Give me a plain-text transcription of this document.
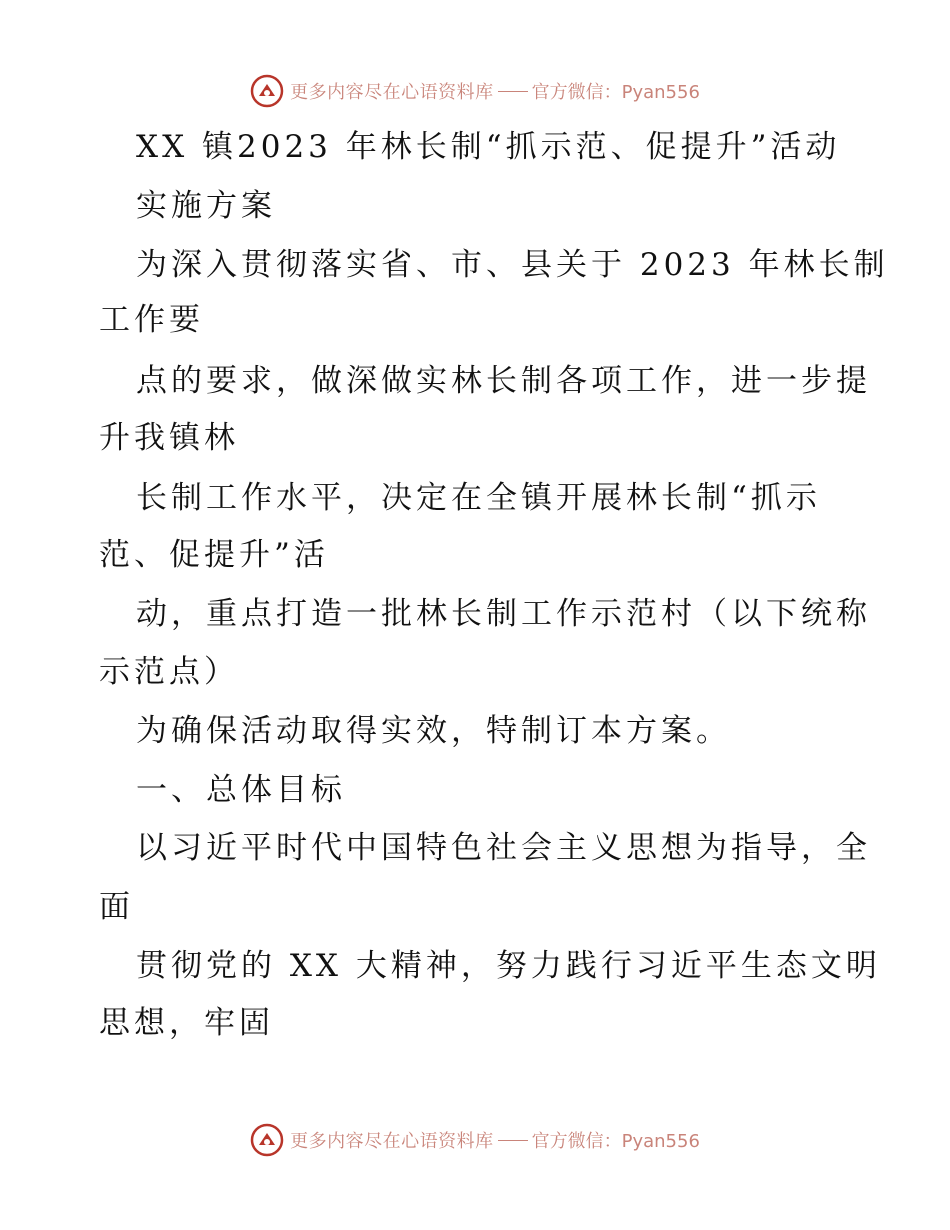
更多内容尽在心语资料库 官方微信：Pyan556
XX 镇2023 年林长制“抓示范、促提升”活动
实施方案
为深入贯彻落实省、市、县关于 2023 年林长制
工作要
点的要求，做深做实林长制各项工作，进一步提
升我镇林
长制工作水平，决定在全镇开展林长制“抓示
范、促提升”活
动，重点打造一批林长制工作示范村（以下统称
示范点）
为确保活动取得实效，特制订本方案。
一、总体目标
以习近平时代中国特色社会主义思想为指导，全
面
贯彻党的 XX 大精神，努力践行习近平生态文明
思想，牢固
更多内容尽在心语资料库 官方微信：Pyan556
